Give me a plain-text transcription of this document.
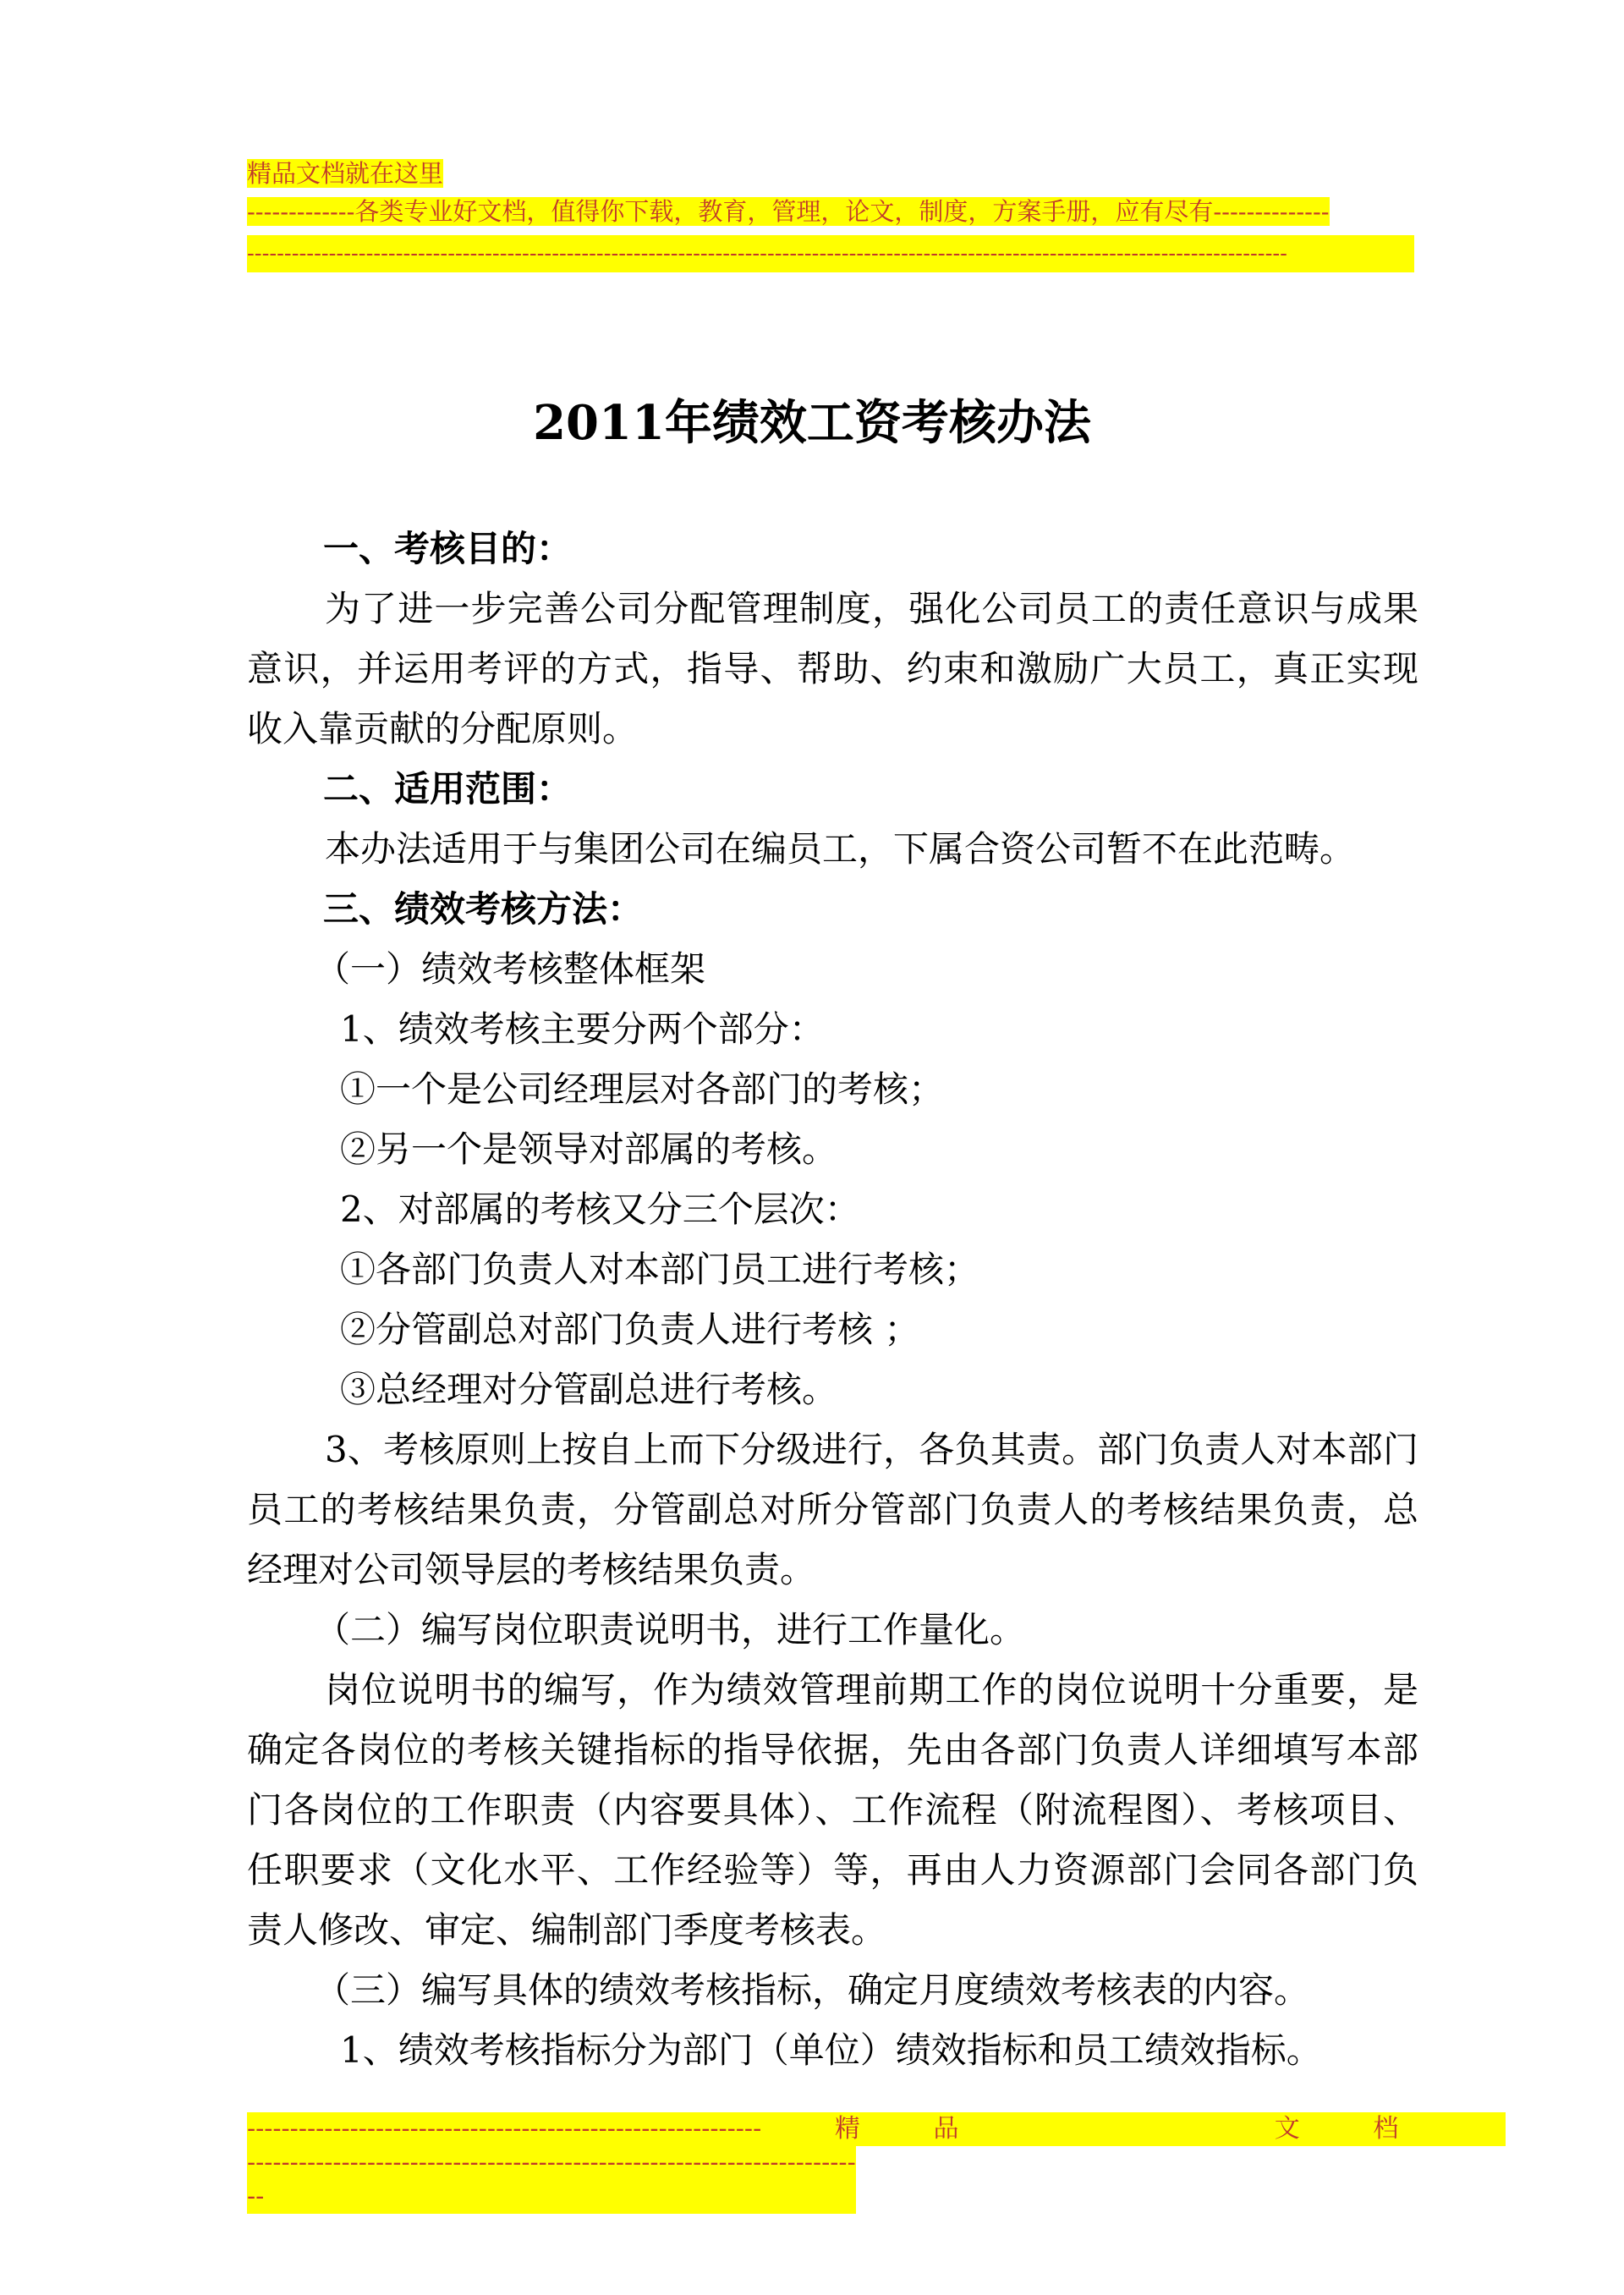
精品文档就在这里
-------------各类专业好文档，值得你下载，教育，管理，论文，制度，方案手册，应有尽有--------------
--------------------------------------------------------------------------------------------------------------------------------------------
2011年绩效工资考核办法

一、考核目的：

为了进一步完善公司分配管理制度，强化公司员工的责任意识与成果意识，并运用考评的方式，指导、帮助、约束和激励广大员工，真正实现收入靠贡献的分配原则。

二、适用范围：

本办法适用于与集团公司在编员工，下属合资公司暂不在此范畴。

三、绩效考核方法：

（一）绩效考核整体框架

1、绩效考核主要分两个部分：

①一个是公司经理层对各部门的考核；

②另一个是领导对部属的考核。

2、对部属的考核又分三个层次：

①各部门负责人对本部门员工进行考核；

②分管副总对部门负责人进行考核 ；

③总经理对分管副总进行考核。

3、考核原则上按自上而下分级进行，各负其责。部门负责人对本部门员工的考核结果负责，分管副总对所分管部门负责人的考核结果负责，总经理对公司领导层的考核结果负责。

（二）编写岗位职责说明书，进行工作量化。

岗位说明书的编写，作为绩效管理前期工作的岗位说明十分重要，是确定各岗位的考核关键指标的指导依据，先由各部门负责人详细填写本部门各岗位的工作职责（内容要具体）、工作流程（附流程图）、考核项目、任职要求（文化水平、工作经验等）等，再由人力资源部门会同各部门负责人修改、审定、编制部门季度考核表。

（三）编写具体的绩效考核指标，确定月度绩效考核表的内容。

1、绩效考核指标分为部门（单位）绩效指标和员工绩效指标。

------------------------------------------------------------	精	品	文	档
-------------------------------------------------------------------------
